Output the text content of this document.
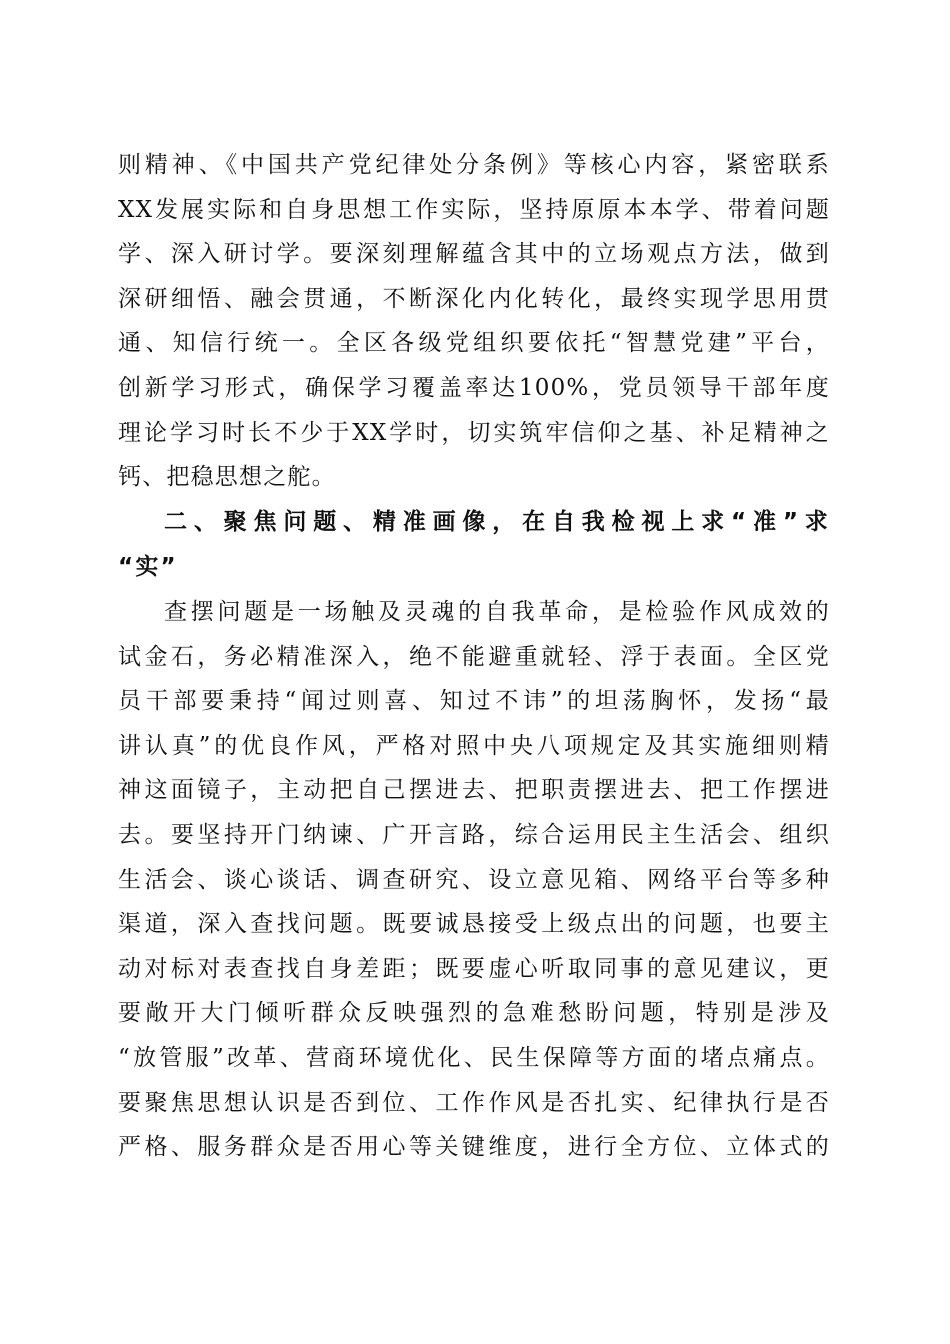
则精神、《中国共产党纪律处分条例》等核心内容，紧密联系
XX发展实际和自身思想工作实际，坚持原原本本学、带着问题
学、深入研讨学。要深刻理解蕴含其中的立场观点方法，做到
深研细悟、融会贯通，不断深化内化转化，最终实现学思用贯
通、知信行统一。全区各级党组织要依托“智慧党建”平台，
创新学习形式，确保学习覆盖率达100%，党员领导干部年度
理论学习时长不少于XX学时，切实筑牢信仰之基、补足精神之
钙、把稳思想之舵。
二、聚焦问题、精准画像，在自我检视上求“准”求
“实”
查摆问题是一场触及灵魂的自我革命，是检验作风成效的
试金石，务必精准深入，绝不能避重就轻、浮于表面。全区党
员干部要秉持“闻过则喜、知过不讳”的坦荡胸怀，发扬“最
讲认真”的优良作风，严格对照中央八项规定及其实施细则精
神这面镜子，主动把自己摆进去、把职责摆进去、把工作摆进
去。要坚持开门纳谏、广开言路，综合运用民主生活会、组织
生活会、谈心谈话、调查研究、设立意见箱、网络平台等多种
渠道，深入查找问题。既要诚恳接受上级点出的问题，也要主
动对标对表查找自身差距；既要虚心听取同事的意见建议，更
要敞开大门倾听群众反映强烈的急难愁盼问题，特别是涉及
“放管服”改革、营商环境优化、民生保障等方面的堵点痛点。
要聚焦思想认识是否到位、工作作风是否扎实、纪律执行是否
严格、服务群众是否用心等关键维度，进行全方位、立体式的
